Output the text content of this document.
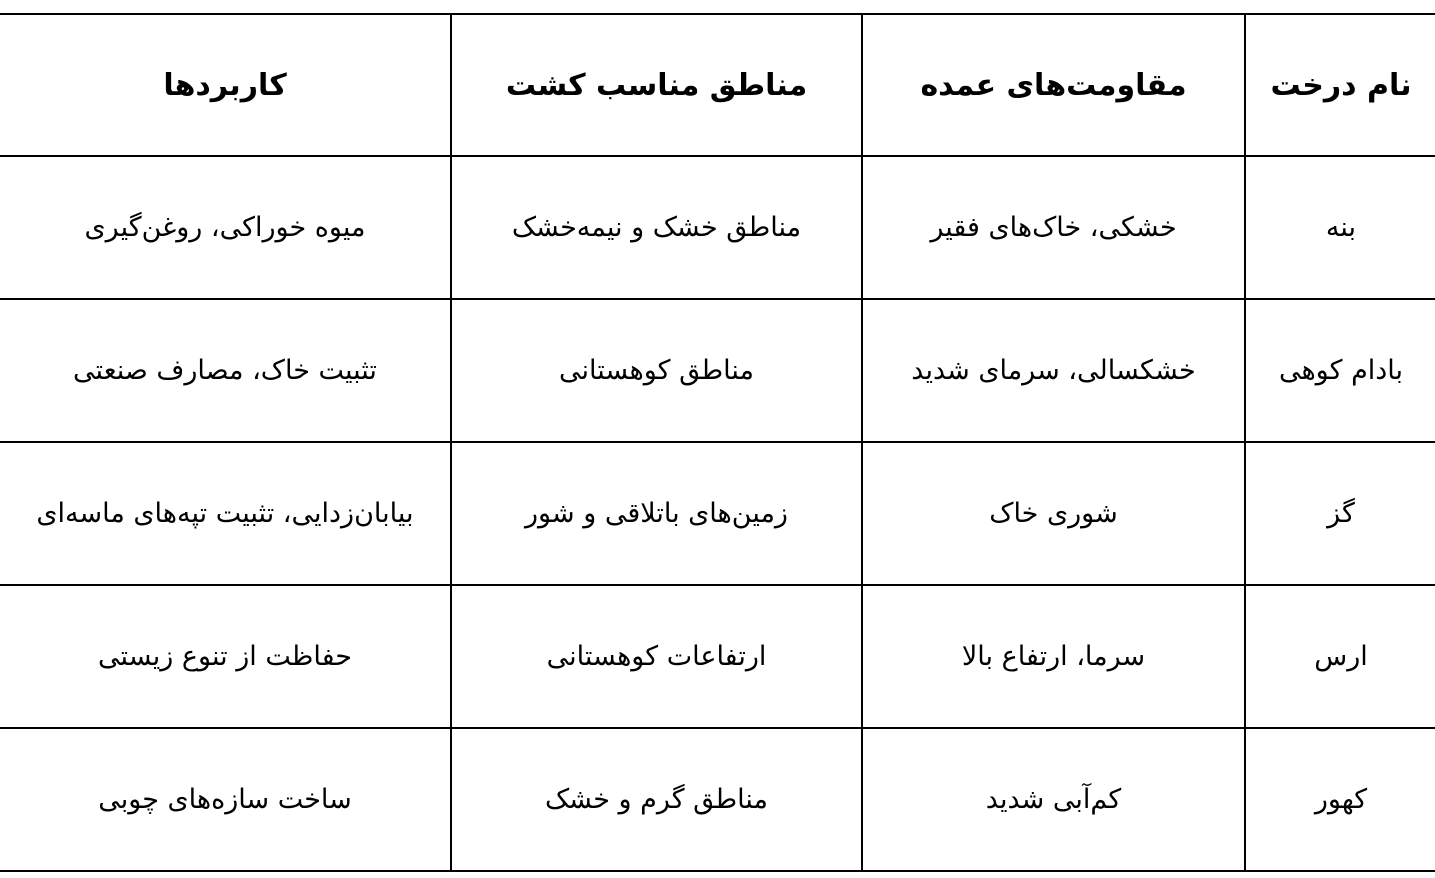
نام درخت	مقاومت‌های عمده	مناطق مناسب کشت	کاربردها
بنه	خشکی، خاک‌های فقیر	مناطق خشک و نیمه‌خشک	میوه خوراکی، روغن‌گیری
بادام کوهی	خشکسالی، سرمای شدید	مناطق کوهستانی	تثبیت خاک، مصارف صنعتی
گز	شوری خاک	زمین‌های باتلاقی و شور	بیابان‌زدایی، تثبیت تپه‌های ماسه‌ای
ارس	سرما، ارتفاع بالا	ارتفاعات کوهستانی	حفاظت از تنوع زیستی
کهور	کم‌آبی شدید	مناطق گرم و خشک	ساخت سازه‌های چوبی
